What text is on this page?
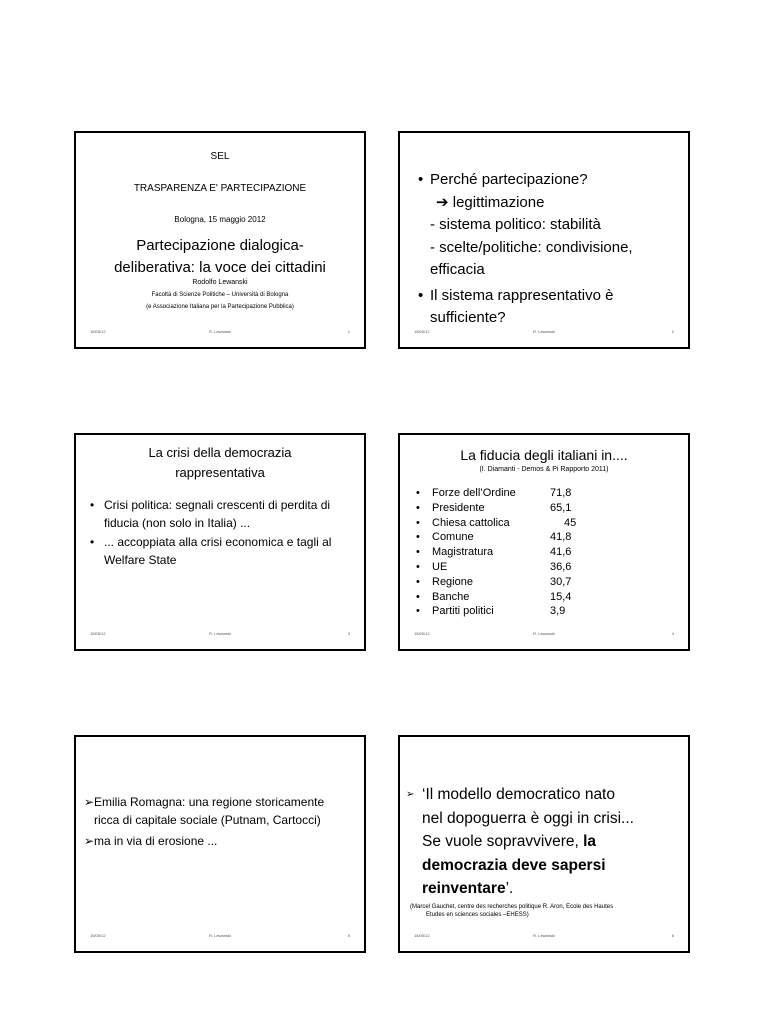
SEL
TRASPARENZA E' PARTECIPAZIONE
Bologna, 15 maggio 2012
Partecipazione dialogica-
deliberativa: la voce dei cittadini
Rodolfo Lewanski
Facoltà di Scienze Politiche – Università di Bologna
(e Associazione Italiana per la Partecipazione Pubblica)
15/05/12	R. Lewanski	1
• Perché partecipazione?
➔ legittimazione
- sistema politico: stabilità
- scelte/politiche: condivisione,
efficacia
• Il sistema rappresentativo è
sufficiente?
15/05/12	R. Lewanski	2
La crisi della democrazia
rappresentativa
• Crisi politica: segnali crescenti di perdita di fiducia (non solo in Italia) ...
• ... accoppiata alla crisi economica e tagli al Welfare State
15/05/12	R. Lewanski	3
La fiducia degli italiani in....
(I. Diamanti - Demos & Pi Rapporto 2011)
•	Forze dell’Ordine	71,8
•	Presidente	65,1
•	Chiesa cattolica	45
•	Comune	41,8
•	Magistratura	41,6
•	UE	36,6
•	Regione	30,7
•	Banche	15,4
•	Partiti politici	3,9
15/05/12	R. Lewanski	4
➢ Emilia Romagna: una regione storicamente
ricca di capitale sociale (Putnam, Cartocci)
➢ ma in via di erosione ...
15/05/12	R. Lewanski	5
➢ ‘Il modello democratico nato
nel dopoguerra è oggi in crisi...
Se vuole sopravvivere, la
democrazia deve sapersi
reinventare’.
(Marcel Gauchet, centre des recherches politique R. Aron, Ecole des Hautes
Etudes en sciences sociales –EHESS)
15/05/12	R. Lewanski	6
